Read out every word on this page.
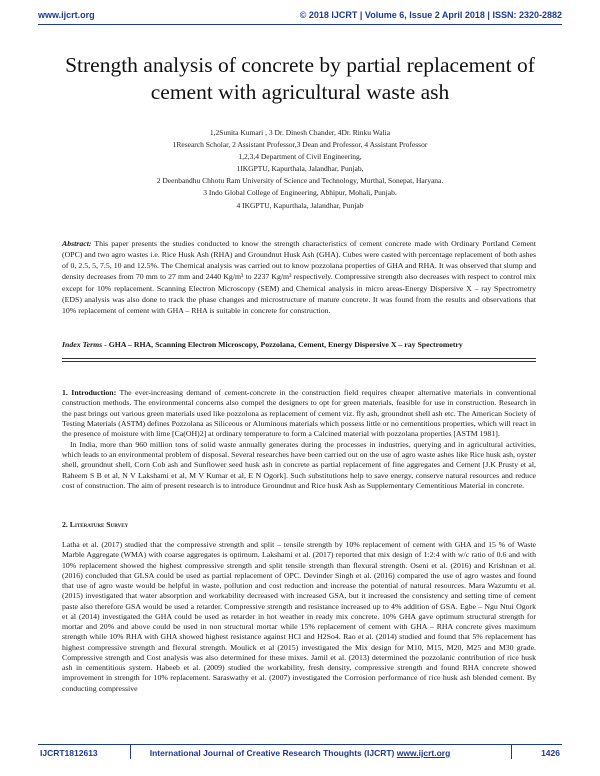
www.ijcrt.org	© 2018 IJCRT | Volume 6, Issue 2 April 2018 | ISSN: 2320-2882
Strength analysis of concrete by partial replacement of
cement with agricultural waste ash
1,2Sunita Kumari , 3 Dr. Dinesh Chander, 4Dr. Rinku Walia
1Research Scholar, 2 Assistant Professor,3 Dean and Professor, 4 Assistant Professor
1,2,3,4 Department of Civil Engineering,
1IKGPTU, Kapurthala, Jalandhar, Punjab,
2 Deenbandhu Chhotu Ram University of Science and Technology, Murthal, Sonepat, Haryana.
3 Indo Global College of Engineering, Abhipur, Mohali, Punjab.
4 IKGPTU, Kapurthala, Jalandhar, Punjab
Abstract: This paper presents the studies conducted to know the strength characteristics of cement concrete made with Ordinary Portland Cement (OPC) and two agro wastes i.e. Rice Husk Ash (RHA) and Groundnut Husk Ash (GHA). Cubes were casted with percentage replacement of both ashes of 0, 2.5, 5, 7.5, 10 and 12.5%. The Chemical analysis was carried out to know pozzolana properties of GHA and RHA. It was observed that slump and density decreases from 70 mm to 27 mm and 2440 Kg/m³ to 2237 Kg/m³ respectively. Compressive strength also decreases with respect to control mix except for 10% replacement. Scanning Electron Microscopy (SEM) and Chemical analysis in micro areas-Energy Dispersive X – ray Spectrometry (EDS) analysis was also done to track the phase changes and microstructure of mature concrete. It was found from the results and observations that 10% replacement of cement with GHA – RHA is suitable in concrete for construction.
Index Terms - GHA – RHA, Scanning Electron Microscopy, Pozzolana, Cement, Energy Dispersive X – ray Spectrometry

1. Introduction: The ever-increasing demand of cement-concrete in the construction field requires cheaper alternative materials in conventional construction methods. The environmental concerns also compel the designers to opt for green materials, feasible for use in construction. Research in the past brings out various green materials used like pozzolona as replacement of cement viz. fly ash, groundnut shell ash etc. The American Society of Testing Materials (ASTM) defines Pozzolana as Siliceous or Aluminous materials which possess little or no cementitious properties, which will react in the presence of moisture with lime [Ca(OH)2] at ordinary temperature to form a Calcined material with pozzolana properties [ASTM 1981].

In India, more than 960 million tons of solid waste annually generates during the processes in industries, querying and in agricultural activities, which leads to an environmental problem of disposal. Several researches have been carried out on the use of agro waste ashes like Rice husk ash, oyster shell, groundnut shell, Corn Cob ash and Sunflower seed husk ash in concrete as partial replacement of fine aggregates and Cement [J.K Prusty et al, Raheem S B et al, N V Lakshami et al, M V Kumar et al, E N Ogork]. Such substitutions help to save energy, conserve natural resources and reduce cost of construction. The aim of present research is to introduce Groundnut and Rice husk Ash as Supplementary Cementitious Material in concrete.

2. Literature Survey
Latha et al. (2017) studied that the compressive strength and split – tensile strength by 10% replacement of cement with GHA and 15 % of Waste Marble Aggregate (WMA) with coarse aggregates is optimum. Lakshami et al. (2017) reported that mix design of 1:2:4 with w/c ratio of 0.6 and with 10% replacement showed the highest compressive strength and split tensile strength than flexural strength. Oseni et al. (2016) and Krishnan et al. (2016) concluded that GLSA could be used as partial replacement of OPC. Devinder Singh et al. (2016) compared the use of agro wastes and found that use of agro waste would be helpful in waste, pollution and cost reduction and increase the potential of natural resources. Mara Wazumtu et al. (2015) investigated that water absorption and workability decreased with increased GSA, but it increased the consistency and setting time of cement paste also therefore GSA would be used a retarder. Compressive strength and resistance increased up to 4% addition of GSA. Egbe – Ngu Ntui Ogork et al (2014) investigated the GHA could be used as retarder in hot weather in ready mix concrete. 10% GHA gave optimum structural strength for mortar and 20% and above could be used in non structural mortar while 15% replacement of cement with GHA – RHA concrete gives maximum strength while 10% RHA with GHA showed highest resistance against HCl and H2So4. Rao et al. (2014) studied and found that 5% replacement has highest compressive strength and flexural strength. Moulick et al (2015) investigated the Mix design for M10, M15, M20, M25 and M30 grade. Compressive strength and Cost analysis was also determined for these mixes. Jamil et al. (2013) determined the pozzolanic contribution of rice husk ash in cementitious system. Habeeb et al. (2009) studied the workability, fresh density, compressive strength and found RHA concrete showed improvement in strength for 10% replacement. Saraswathy et al. (2007) investigated the Corrosion performance of rice husk ash blended cement. By conducting compressive
IJCRT1812613	International Journal of Creative Research Thoughts (IJCRT) www.ijcrt.org	1426
